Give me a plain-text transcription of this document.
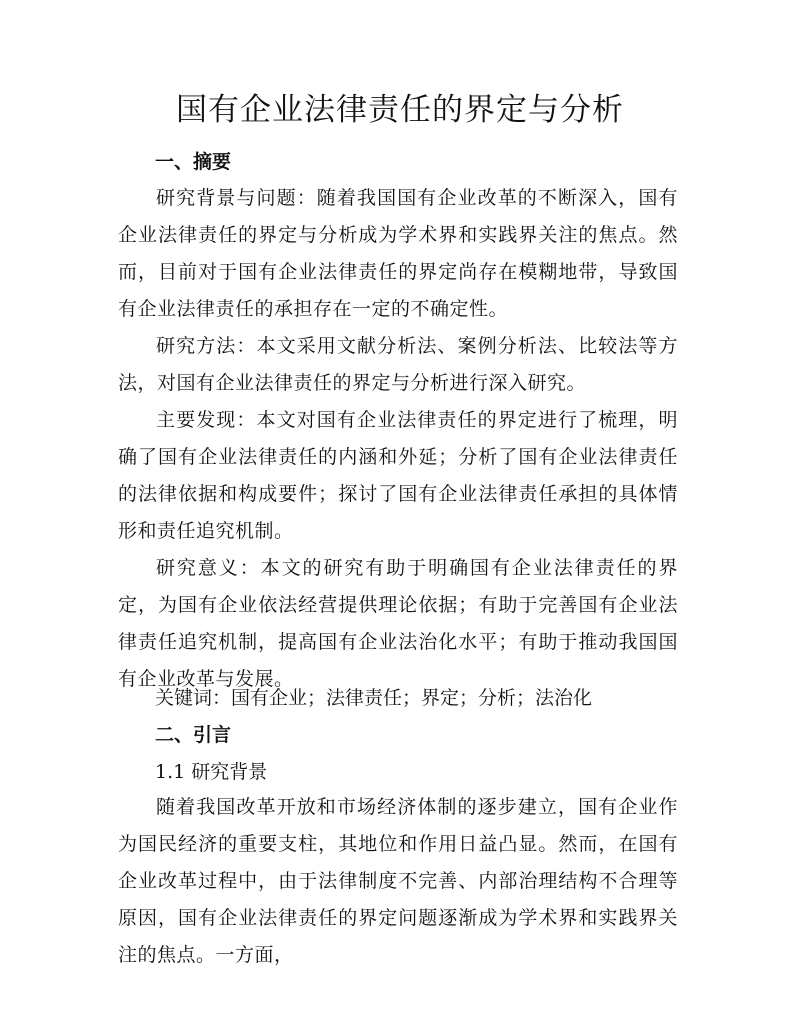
国有企业法律责任的界定与分析
一、摘要

研究背景与问题：随着我国国有企业改革的不断深入，国有企业法律责任的界定与分析成为学术界和实践界关注的焦点。然而，目前对于国有企业法律责任的界定尚存在模糊地带，导致国有企业法律责任的承担存在一定的不确定性。

研究方法：本文采用文献分析法、案例分析法、比较法等方法，对国有企业法律责任的界定与分析进行深入研究。

主要发现：本文对国有企业法律责任的界定进行了梳理，明确了国有企业法律责任的内涵和外延；分析了国有企业法律责任的法律依据和构成要件；探讨了国有企业法律责任承担的具体情形和责任追究机制。

研究意义：本文的研究有助于明确国有企业法律责任的界定，为国有企业依法经营提供理论依据；有助于完善国有企业法律责任追究机制，提高国有企业法治化水平；有助于推动我国国有企业改革与发展。

关键词：国有企业；法律责任；界定；分析；法治化

二、引言

1.1 研究背景

随着我国改革开放和市场经济体制的逐步建立，国有企业作为国民经济的重要支柱，其地位和作用日益凸显。然而，在国有企业改革过程中，由于法律制度不完善、内部治理结构不合理等原因，国有企业法律责任的界定问题逐渐成为学术界和实践界关注的焦点。一方面，
